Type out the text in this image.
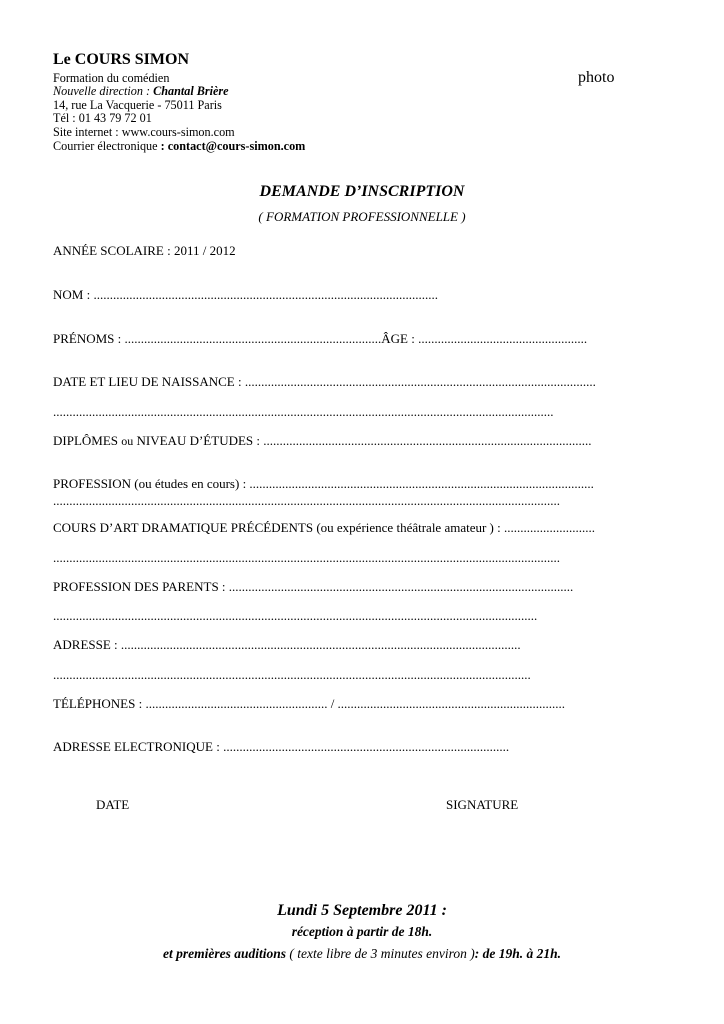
Le COURS SIMON
Formation du comédien
Nouvelle direction : Chantal Brière
14, rue La Vacquerie - 75011 Paris
Tél : 01 43 79 72 01
Site internet : www.cours-simon.com
Courrier électronique : contact@cours-simon.com
photo
DEMANDE D’INSCRIPTION
( FORMATION PROFESSIONNELLE )
ANNÉE SCOLAIRE : 2011 / 2012
NOM : ..........................................................................................................
PRÉNOMS : ...............................................................................ÂGE : ....................................................
DATE ET LIEU DE NAISSANCE : ............................................................................................................
..........................................................................................................................................................
DIPLÔMES ou NIVEAU D’ÉTUDES : .....................................................................................................
PROFESSION (ou études en cours) : ..........................................................................................................
............................................................................................................................................................
COURS D’ART DRAMATIQUE PRÉCÉDENTS (ou expérience théâtrale amateur ) : ............................
............................................................................................................................................................
PROFESSION DES PARENTS : ..........................................................................................................
.....................................................................................................................................................
ADRESSE : ...........................................................................................................................
...................................................................................................................................................
TÉLÉPHONES : ........................................................ / ......................................................................
ADRESSE ELECTRONIQUE : ........................................................................................
DATE	SIGNATURE
Lundi 5 Septembre 2011 :
réception à partir de 18h.
et premières auditions ( texte libre de 3 minutes environ ): de 19h. à 21h.
